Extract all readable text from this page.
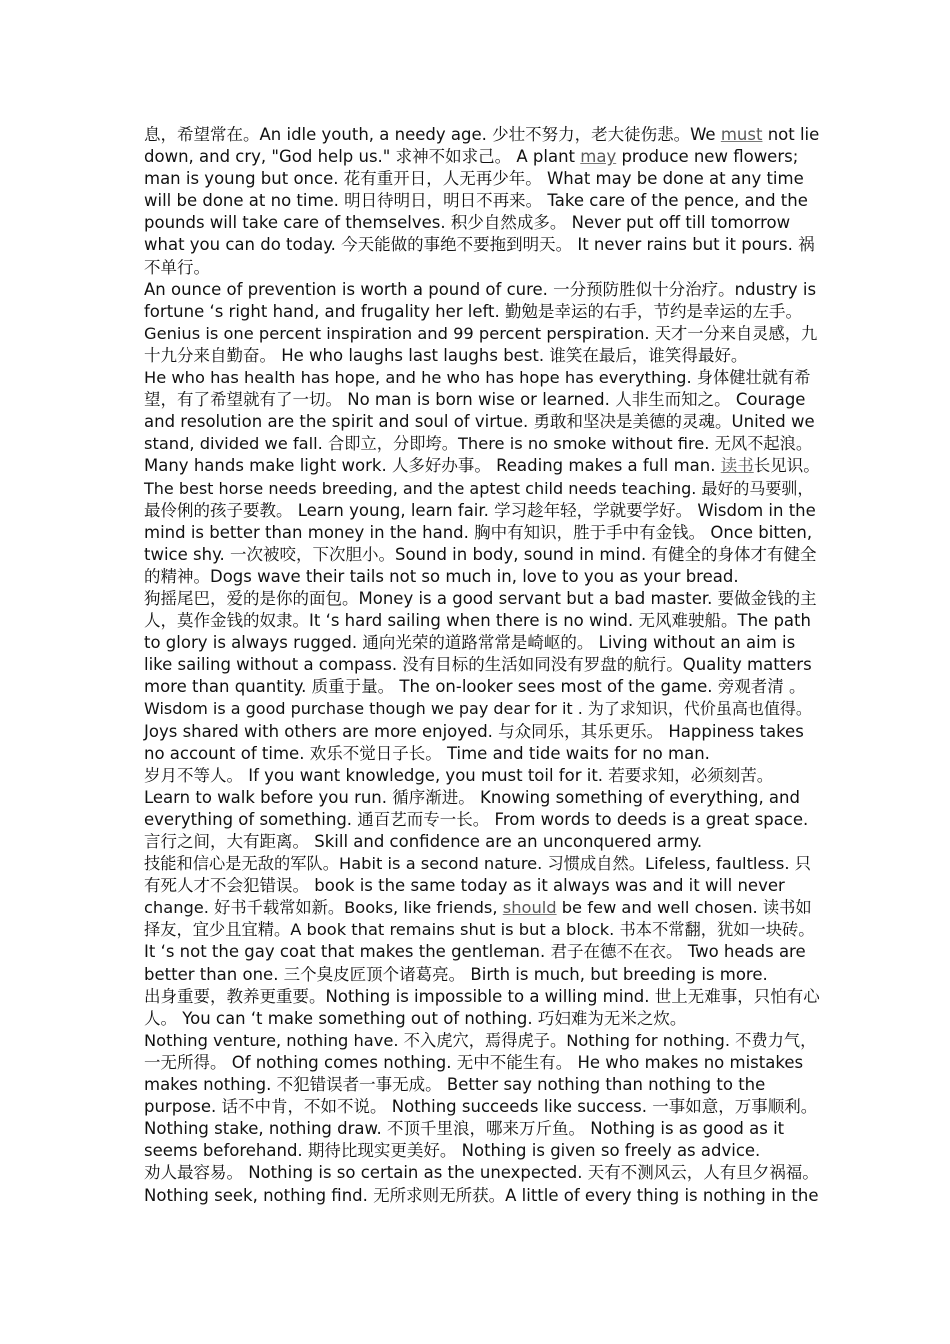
息，希望常在。An idle youth, a needy age. 少壮不努力，老大徒伤悲。We must not lie
down, and cry, "God help us." 求神不如求己。 A plant may produce new flowers;
man is young but once. 花有重开日，人无再少年。 What may be done at any time
will be done at no time. 明日待明日，明日不再来。 Take care of the pence, and the
pounds will take care of themselves. 积少自然成多。 Never put off till tomorrow
what you can do today. 今天能做的事绝不要拖到明天。 It never rains but it pours. 祸
不单行。
An ounce of prevention is worth a pound of cure. 一分预防胜似十分治疗。ndustry is
fortune ‘s right hand, and frugality her left. 勤勉是幸运的右手，节约是幸运的左手。
Genius is one percent inspiration and 99 percent perspiration. 天才一分来自灵感，九
十九分来自勤奋。 He who laughs last laughs best. 谁笑在最后，谁笑得最好。
He who has health has hope, and he who has hope has everything. 身体健壮就有希
望，有了希望就有了一切。 No man is born wise or learned. 人非生而知之。 Courage
and resolution are the spirit and soul of virtue. 勇敢和坚决是美德的灵魂。United we
stand, divided we fall. 合即立，分即垮。There is no smoke without fire. 无风不起浪。
Many hands make light work. 人多好办事。 Reading makes a full man. 读书长见识。
The best horse needs breeding, and the aptest child needs teaching. 最好的马要驯，
最伶俐的孩子要教。 Learn young, learn fair. 学习趁年轻，学就要学好。 Wisdom in the
mind is better than money in the hand. 胸中有知识，胜于手中有金钱。 Once bitten,
twice shy. 一次被咬，下次胆小。Sound in body, sound in mind. 有健全的身体才有健全
的精神。Dogs wave their tails not so much in, love to you as your bread.
狗摇尾巴，爱的是你的面包。Money is a good servant but a bad master. 要做金钱的主
人，莫作金钱的奴隶。It ‘s hard sailing when there is no wind. 无风难驶船。The path
to glory is always rugged. 通向光荣的道路常常是崎岖的。 Living without an aim is
like sailing without a compass. 没有目标的生活如同没有罗盘的航行。Quality matters
more than quantity. 质重于量。 The on-looker sees most of the game. 旁观者清 。
Wisdom is a good purchase though we pay dear for it . 为了求知识，代价虽高也值得。
Joys shared with others are more enjoyed. 与众同乐，其乐更乐。 Happiness takes
no account of time. 欢乐不觉日子长。 Time and tide waits for no man.
岁月不等人。 If you want knowledge, you must toil for it. 若要求知，必须刻苦。
Learn to walk before you run. 循序渐进。 Knowing something of everything, and
everything of something. 通百艺而专一长。 From words to deeds is a great space.
言行之间，大有距离。 Skill and confidence are an unconquered army.
技能和信心是无敌的军队。Habit is a second nature. 习惯成自然。Lifeless, faultless. 只
有死人才不会犯错误。 book is the same today as it always was and it will never
change. 好书千载常如新。Books, like friends, should be few and well chosen. 读书如
择友，宜少且宜精。A book that remains shut is but a block. 书本不常翻，犹如一块砖。
It ‘s not the gay coat that makes the gentleman. 君子在德不在衣。 Two heads are
better than one. 三个臭皮匠顶个诸葛亮。 Birth is much, but breeding is more.
出身重要，教养更重要。Nothing is impossible to a willing mind. 世上无难事，只怕有心
人。 You can ‘t make something out of nothing. 巧妇难为无米之炊。
Nothing venture, nothing have. 不入虎穴，焉得虎子。Nothing for nothing. 不费力气，
一无所得。 Of nothing comes nothing. 无中不能生有。 He who makes no mistakes
makes nothing. 不犯错误者一事无成。 Better say nothing than nothing to the
purpose. 话不中肯，不如不说。 Nothing succeeds like success. 一事如意，万事顺利。
Nothing stake, nothing draw. 不顶千里浪，哪来万斤鱼。 Nothing is as good as it
seems beforehand. 期待比现实更美好。 Nothing is given so freely as advice.
劝人最容易。 Nothing is so certain as the unexpected. 天有不测风云，人有旦夕祸福。
Nothing seek, nothing find. 无所求则无所获。A little of every thing is nothing in the
